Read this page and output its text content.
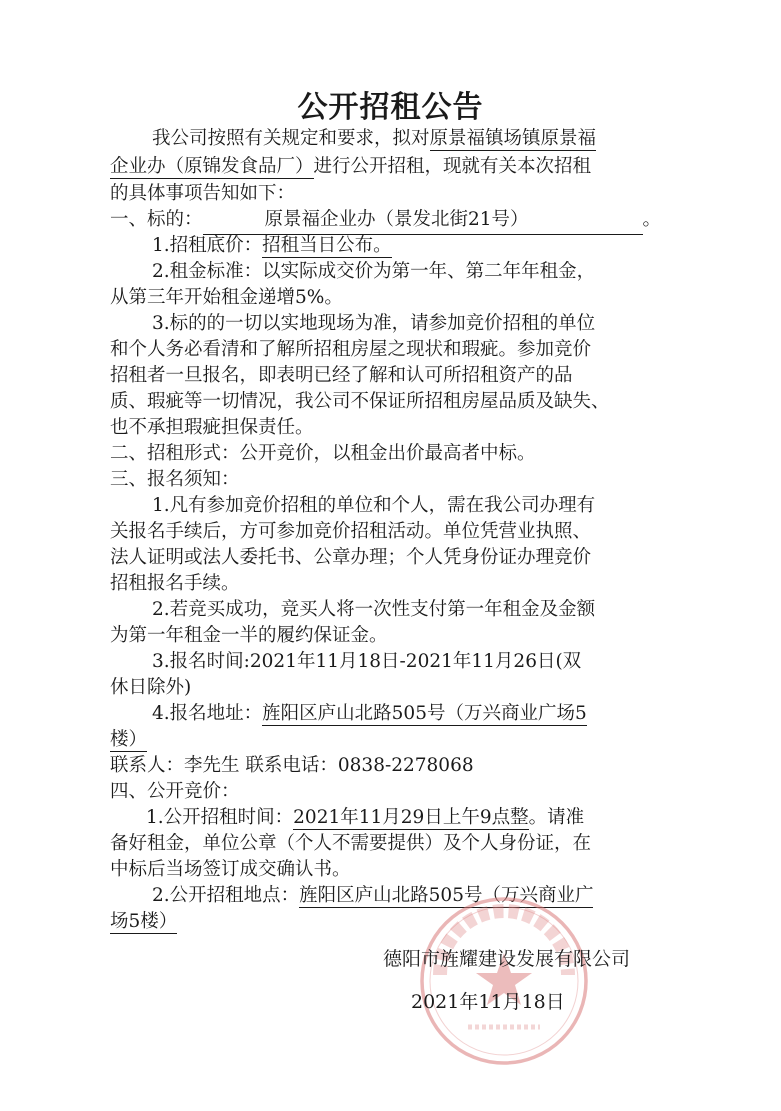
公开招租公告
我公司按照有关规定和要求，拟对原景福镇场镇原景福
企业办（原锦发食品厂）进行公开招租，现就有关本次招租
的具体事项告知如下：
一、标的：	原景福企业办（景发北街21号）	。
1.招租底价：招租当日公布。
2.租金标准：以实际成交价为第一年、第二年年租金，
从第三年开始租金递增5%。
3.标的的一切以实地现场为准，请参加竞价招租的单位
和个人务必看清和了解所招租房屋之现状和瑕疵。参加竞价
招租者一旦报名，即表明已经了解和认可所招租资产的品
质、瑕疵等一切情况，我公司不保证所招租房屋品质及缺失、
也不承担瑕疵担保责任。
二、招租形式：公开竞价，以租金出价最高者中标。
三、报名须知：
1.凡有参加竞价招租的单位和个人，需在我公司办理有
关报名手续后，方可参加竞价招租活动。单位凭营业执照、
法人证明或法人委托书、公章办理；个人凭身份证办理竞价
招租报名手续。
2.若竞买成功，竞买人将一次性支付第一年租金及金额
为第一年租金一半的履约保证金。
3.报名时间:2021年11月18日-2021年11月26日(双
休日除外)
4.报名地址：旌阳区庐山北路505号（万兴商业广场5
楼）
联系人：李先生 联系电话：0838-2278068
四、公开竞价：
1.公开招租时间：2021年11月29日上午9点整。请准
备好租金，单位公章（个人不需要提供）及个人身份证，在
中标后当场签订成交确认书。
2.公开招租地点：旌阳区庐山北路505号（万兴商业广
场5楼）
德阳市旌耀建设发展有限公司
2021年11月18日
